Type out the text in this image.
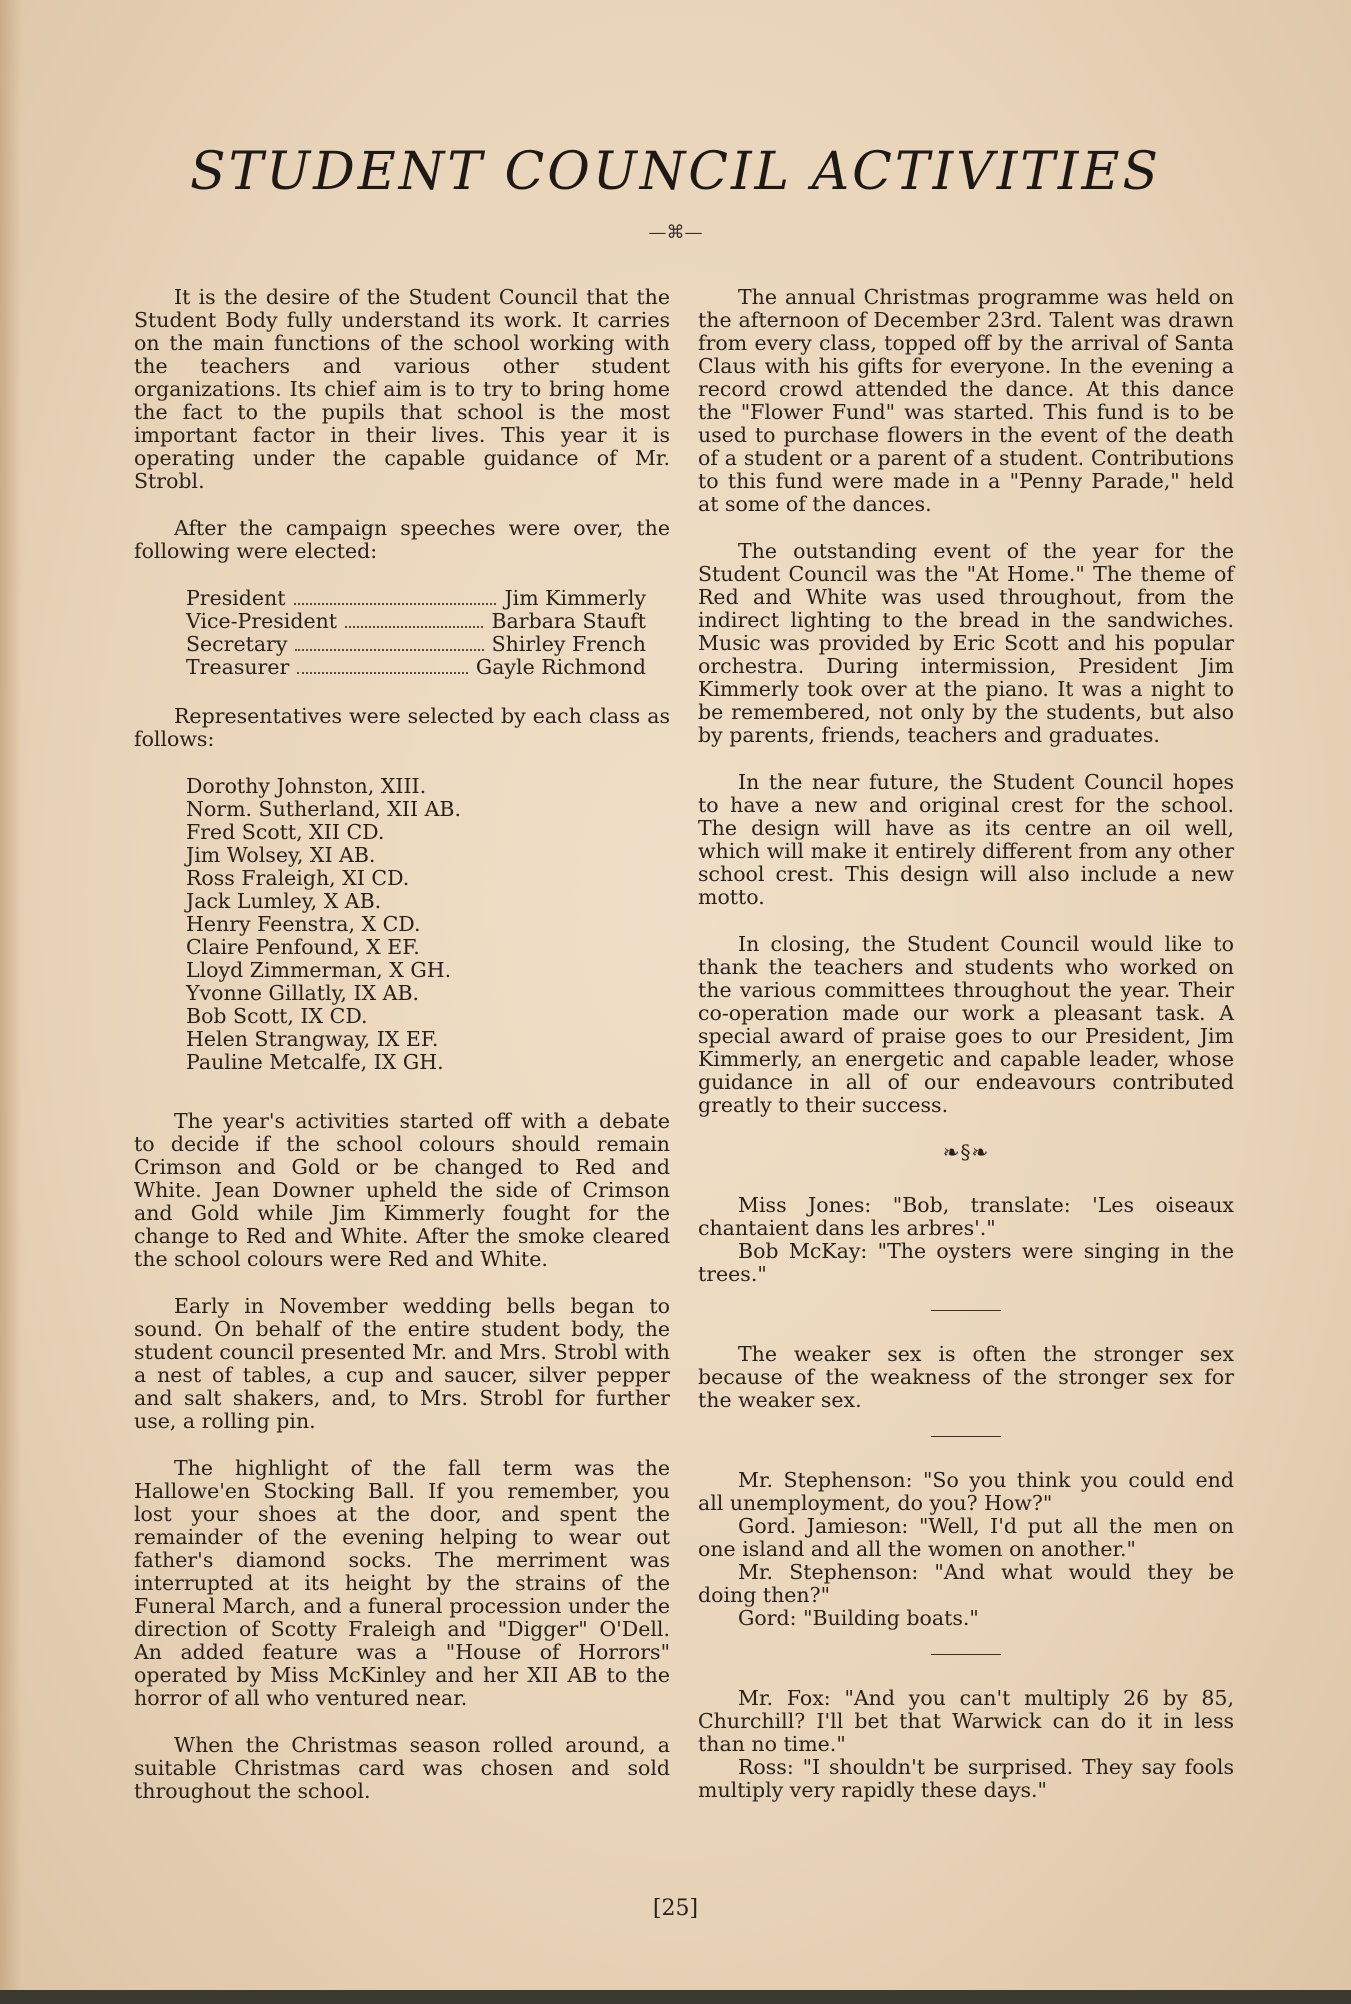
STUDENT COUNCIL ACTIVITIES
—⌘—

It is the desire of the Student Council that the Student Body fully understand its work. It carries on the main functions of the school working with the teachers and various other student organizations. Its chief aim is to try to bring home the fact to the pupils that school is the most important factor in their lives. This year it is operating under the capable guidance of Mr. Strobl.

After the campaign speeches were over, the following were elected:

President	Jim Kimmerly
Vice-President	Barbara Stauft
Secretary	Shirley French
Treasurer	Gayle Richmond

Representatives were selected by each class as follows:

Dorothy Johnston, XIII.
Norm. Sutherland, XII AB.
Fred Scott, XII CD.
Jim Wolsey, XI AB.
Ross Fraleigh, XI CD.
Jack Lumley, X AB.
Henry Feenstra, X CD.
Claire Penfound, X EF.
Lloyd Zimmerman, X GH.
Yvonne Gillatly, IX AB.
Bob Scott, IX CD.
Helen Strangway, IX EF.
Pauline Metcalfe, IX GH.

The year's activities started off with a debate to decide if the school colours should remain Crimson and Gold or be changed to Red and White. Jean Downer upheld the side of Crimson and Gold while Jim Kimmerly fought for the change to Red and White. After the smoke cleared the school colours were Red and White.

Early in November wedding bells began to sound. On behalf of the entire student body, the student council presented Mr. and Mrs. Strobl with a nest of tables, a cup and saucer, silver pepper and salt shakers, and, to Mrs. Strobl for further use, a rolling pin.

The highlight of the fall term was the Hallowe'en Stocking Ball. If you remember, you lost your shoes at the door, and spent the remainder of the evening helping to wear out father's diamond socks. The merriment was interrupted at its height by the strains of the Funeral March, and a funeral procession under the direction of Scotty Fraleigh and "Digger" O'Dell. An added feature was a "House of Horrors" operated by Miss McKinley and her XII AB to the horror of all who ventured near.

When the Christmas season rolled around, a suitable Christmas card was chosen and sold throughout the school.

The annual Christmas programme was held on the afternoon of December 23rd. Talent was drawn from every class, topped off by the arrival of Santa Claus with his gifts for everyone. In the evening a record crowd attended the dance. At this dance the "Flower Fund" was started. This fund is to be used to purchase flowers in the event of the death of a student or a parent of a student. Contributions to this fund were made in a "Penny Parade," held at some of the dances.

The outstanding event of the year for the Student Council was the "At Home." The theme of Red and White was used throughout, from the indirect lighting to the bread in the sandwiches. Music was provided by Eric Scott and his popular orchestra. During intermission, President Jim Kimmerly took over at the piano. It was a night to be remembered, not only by the students, but also by parents, friends, teachers and graduates.

In the near future, the Student Council hopes to have a new and original crest for the school. The design will have as its centre an oil well, which will make it entirely different from any other school crest. This design will also include a new motto.

In closing, the Student Council would like to thank the teachers and students who worked on the various committees throughout the year. Their co-operation made our work a pleasant task. A special award of praise goes to our President, Jim Kimmerly, an energetic and capable leader, whose guidance in all of our endeavours contributed greatly to their success.

❧§❧

Miss Jones: "Bob, translate: 'Les oiseaux chantaient dans les arbres'."

Bob McKay: "The oysters were singing in the trees."

The weaker sex is often the stronger sex because of the weakness of the stronger sex for the weaker sex.

Mr. Stephenson: "So you think you could end all unemployment, do you? How?"

Gord. Jamieson: "Well, I'd put all the men on one island and all the women on another."

Mr. Stephenson: "And what would they be doing then?"

Gord: "Building boats."

Mr. Fox: "And you can't multiply 26 by 85, Churchill? I'll bet that Warwick can do it in less than no time."

Ross: "I shouldn't be surprised. They say fools multiply very rapidly these days."

[25]
